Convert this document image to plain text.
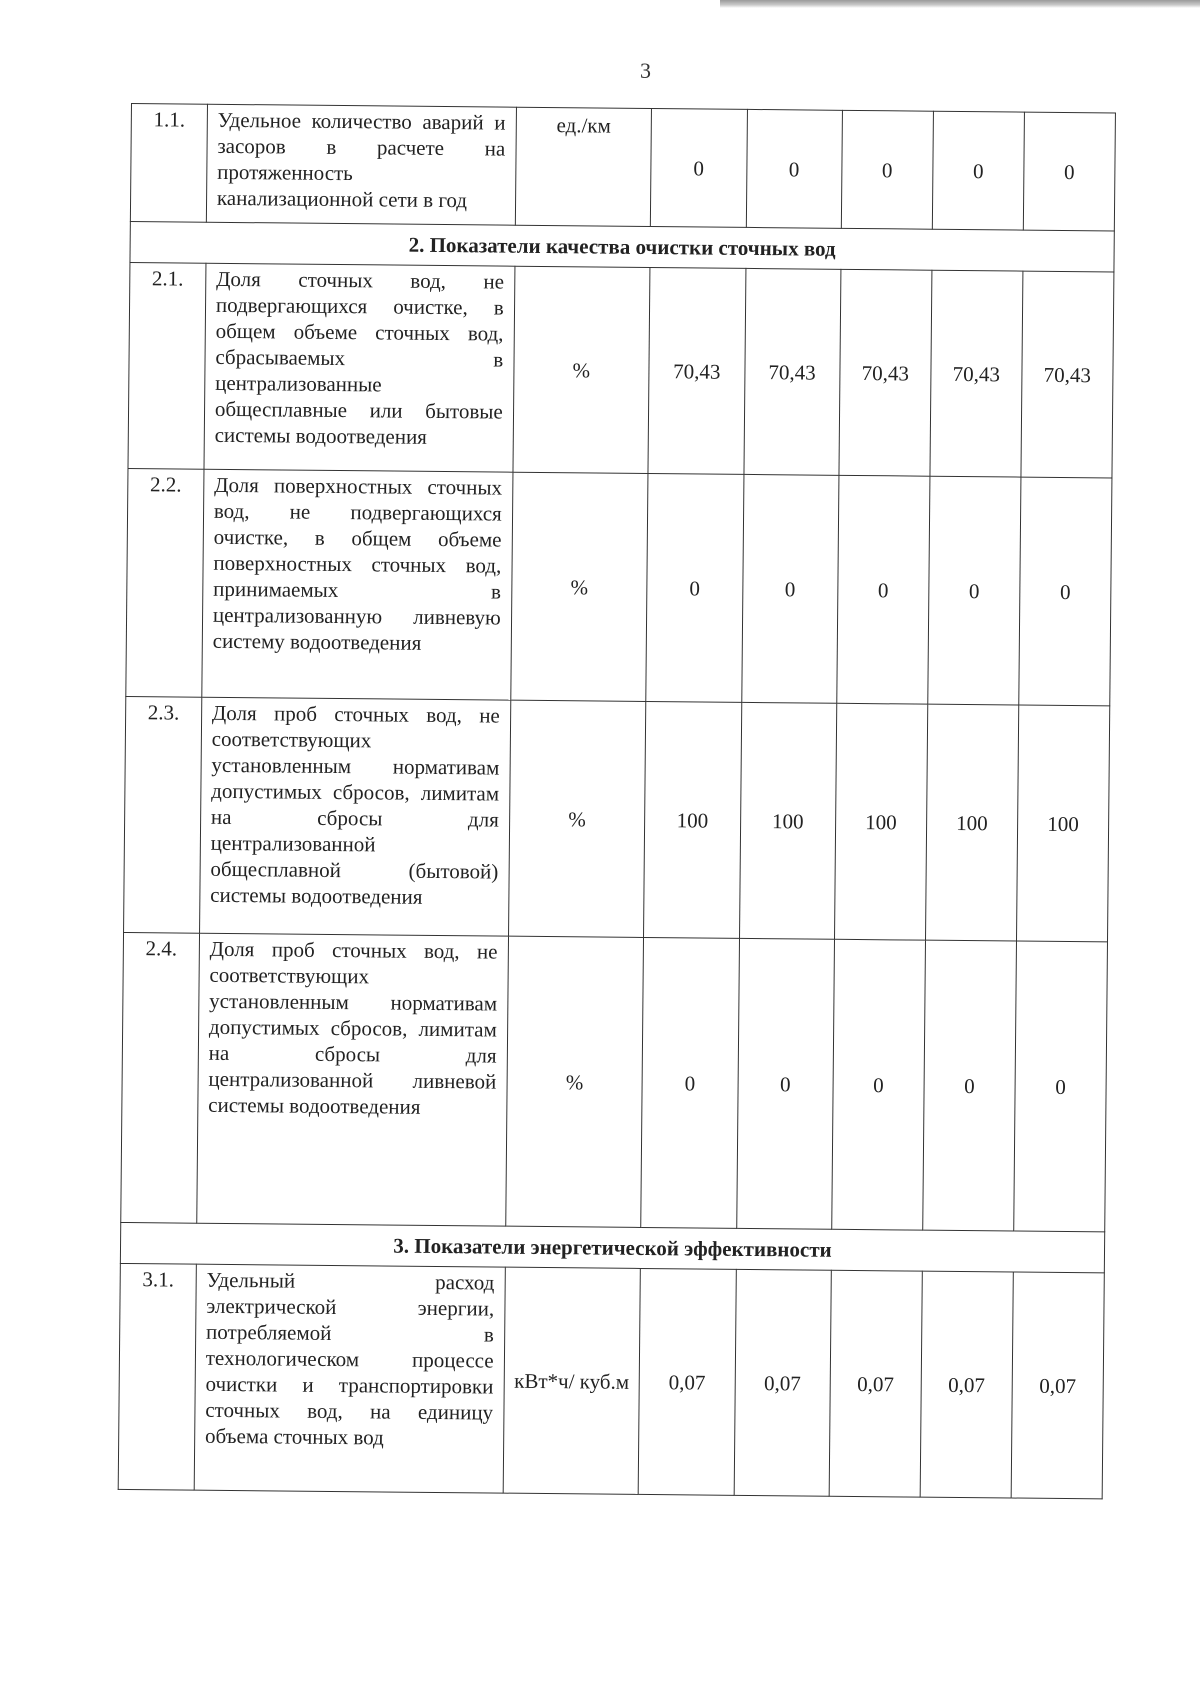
3
1.1.	Удельное количество аварий и засоров в расчете на протяженность канализационной сети в год	ед./км	0	0	0	0	0
2. Показатели качества очистки сточных вод							
2.1.	Доля сточных вод, не подвергающихся очистке, в общем объеме сточных вод, сбрасываемых в централизованные общесплавные или бытовые системы водоотведения	%	70,43	70,43	70,43	70,43	70,43
2.2.	Доля поверхностных сточных вод, не подвергающихся очистке, в общем объеме поверхностных сточных вод, принимаемых в централизованную ливневую систему водоотведения	%	0	0	0	0	0
2.3.	Доля проб сточных вод, не соответствующих установленным нормативам допустимых сбросов, лимитам на сбросы для централизованной общесплавной (бытовой) системы водоотведения	%	100	100	100	100	100
2.4.	Доля проб сточных вод, не соответствующих установленным нормативам допустимых сбросов, лимитам на сбросы для централизованной ливневой системы водоотведения	%	0	0	0	0	0
3. Показатели энергетической эффективности							
3.1.	Удельный расход электрической энергии, потребляемой в технологическом процессе очистки и транспортировки сточных вод, на единицу объема сточных вод	кВт*ч/ куб.м	0,07	0,07	0,07	0,07	0,07
